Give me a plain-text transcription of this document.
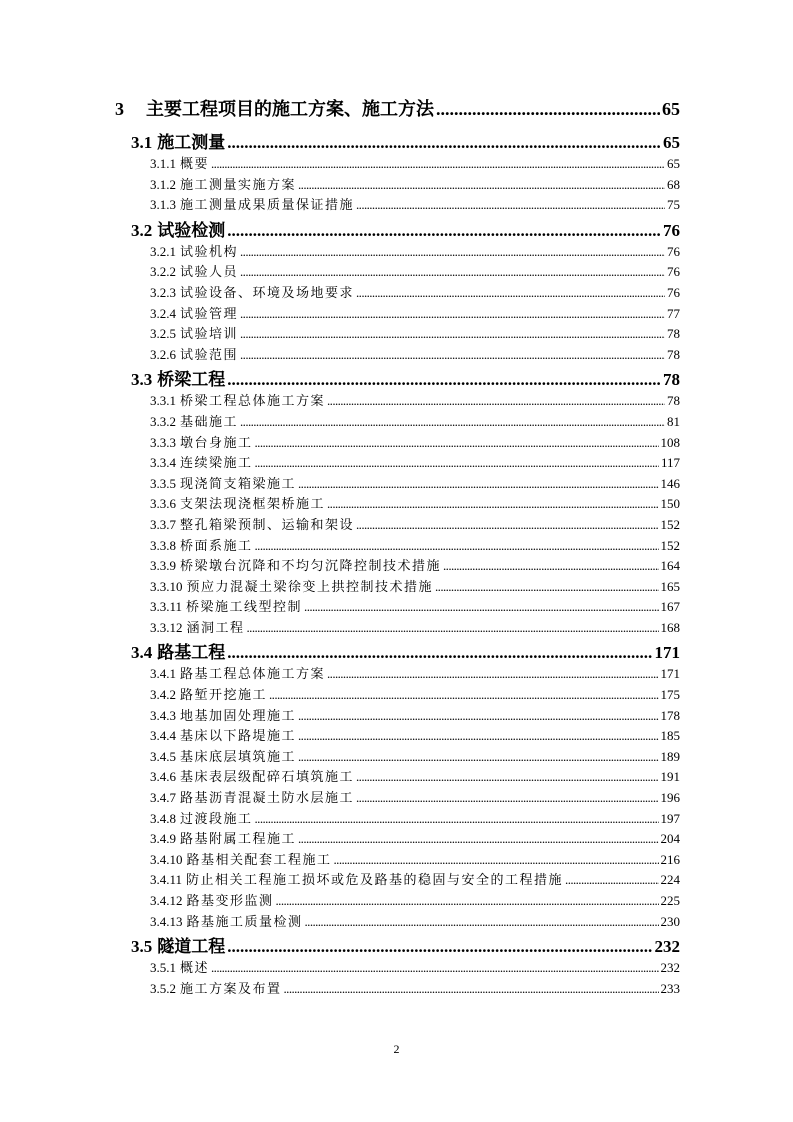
3 主要工程项目的施工方案、施工方法 .....	65
3.1 施工测量 .....	65
3.1.1 概要 .....	65
3.1.2 施工测量实施方案 .....	68
3.1.3 施工测量成果质量保证措施 .....	75
3.2 试验检测 .....	76
3.2.1 试验机构 .....	76
3.2.2 试验人员 .....	76
3.2.3 试验设备、环境及场地要求 .....	76
3.2.4 试验管理 .....	77
3.2.5 试验培训 .....	78
3.2.6 试验范围 .....	78
3.3 桥梁工程 .....	78
3.3.1 桥梁工程总体施工方案 .....	78
3.3.2 基础施工 .....	81
3.3.3 墩台身施工 .....	108
3.3.4 连续梁施工 .....	117
3.3.5 现浇简支箱梁施工 .....	146
3.3.6 支架法现浇框架桥施工 .....	150
3.3.7 整孔箱梁预制、运输和架设 .....	152
3.3.8 桥面系施工 .....	152
3.3.9 桥梁墩台沉降和不均匀沉降控制技术措施 .....	164
3.3.10 预应力混凝土梁徐变上拱控制技术措施 .....	165
3.3.11 桥梁施工线型控制 .....	167
3.3.12 涵洞工程 .....	168
3.4 路基工程 .....	171
3.4.1 路基工程总体施工方案 .....	171
3.4.2 路堑开挖施工 .....	175
3.4.3 地基加固处理施工 .....	178
3.4.4 基床以下路堤施工 .....	185
3.4.5 基床底层填筑施工 .....	189
3.4.6 基床表层级配碎石填筑施工 .....	191
3.4.7 路基沥青混凝土防水层施工 .....	196
3.4.8 过渡段施工 .....	197
3.4.9 路基附属工程施工 .....	204
3.4.10 路基相关配套工程施工 .....	216
3.4.11 防止相关工程施工损坏或危及路基的稳固与安全的工程措施 .....	224
3.4.12 路基变形监测 .....	225
3.4.13 路基施工质量检测 .....	230
3.5 隧道工程 .....	232
3.5.1 概述 .....	232
3.5.2 施工方案及布置 .....	233
2
